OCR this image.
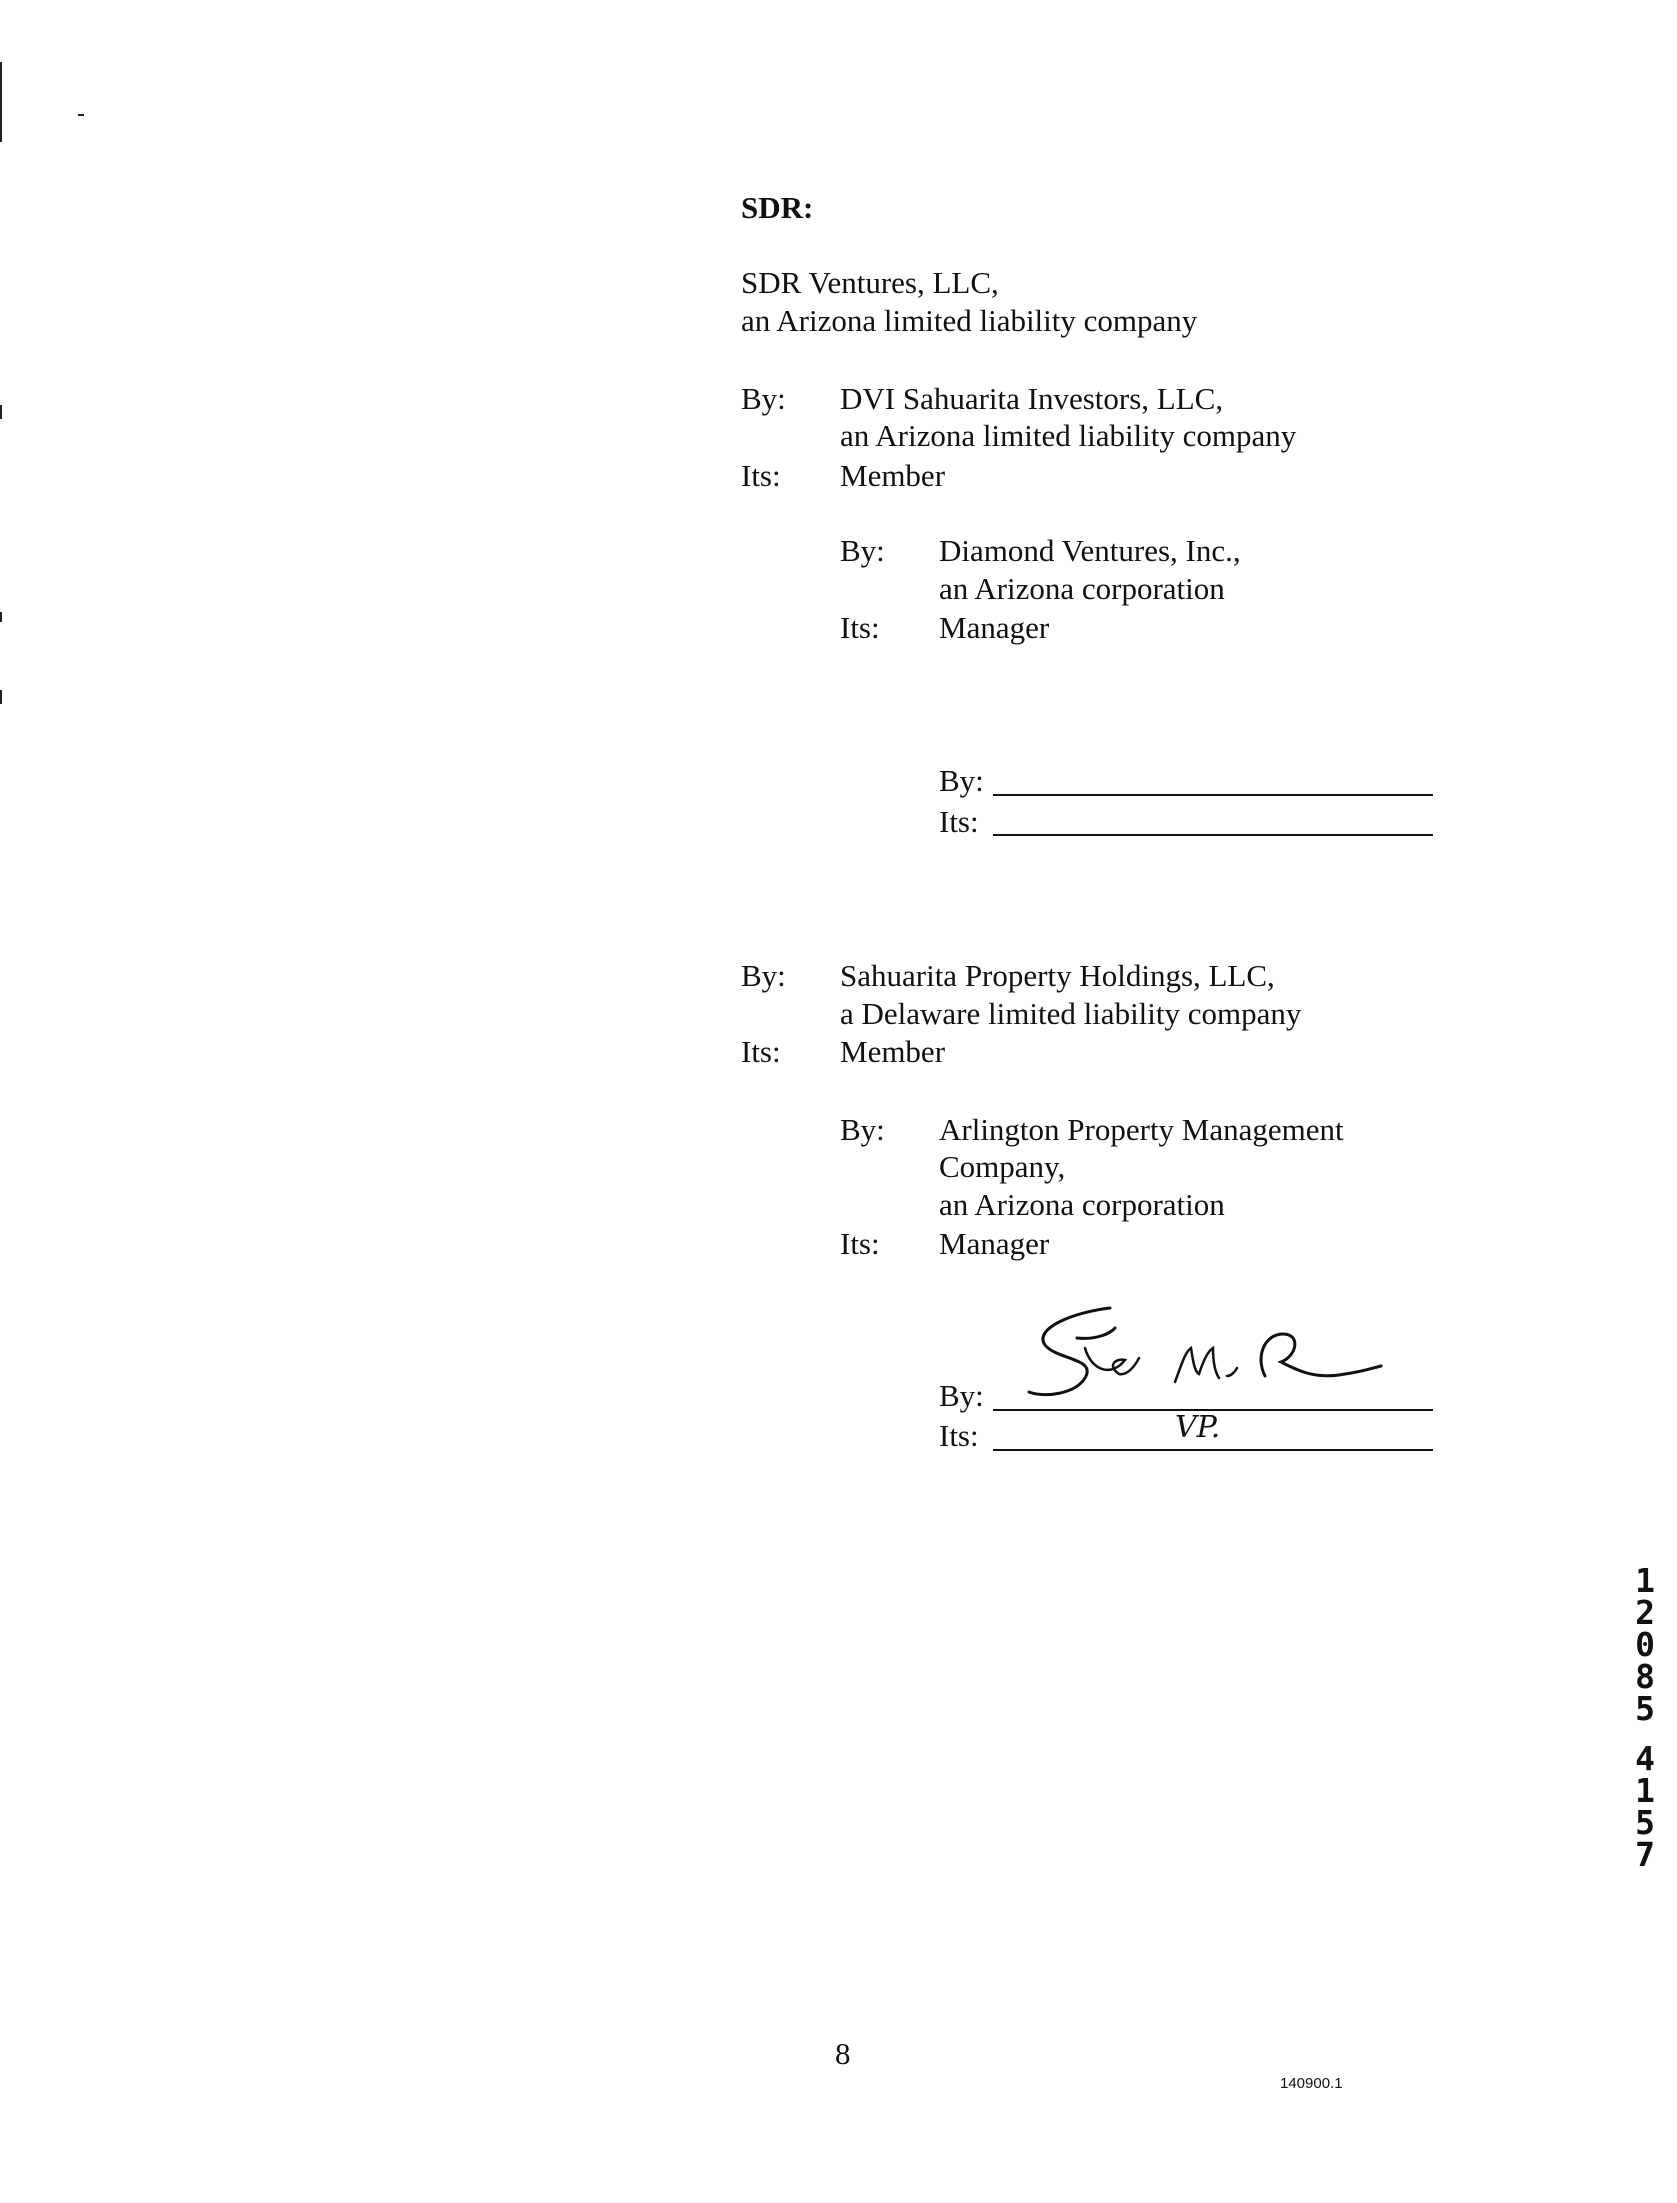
SDR:
SDR Ventures, LLC,
an Arizona limited liability company
By: DVI Sahuarita Investors, LLC,
an Arizona limited liability company
Its: Member
By: Diamond Ventures, Inc.,
an Arizona corporation
Its: Manager
By:
Its:
By: Sahuarita Property Holdings, LLC,
a Delaware limited liability company
Its: Member
By: Arlington Property Management
Company,
an Arizona corporation
Its: Manager
By:
Its:	VP.
8
140900.1
1
2
0
8
5
4
1
5
7
